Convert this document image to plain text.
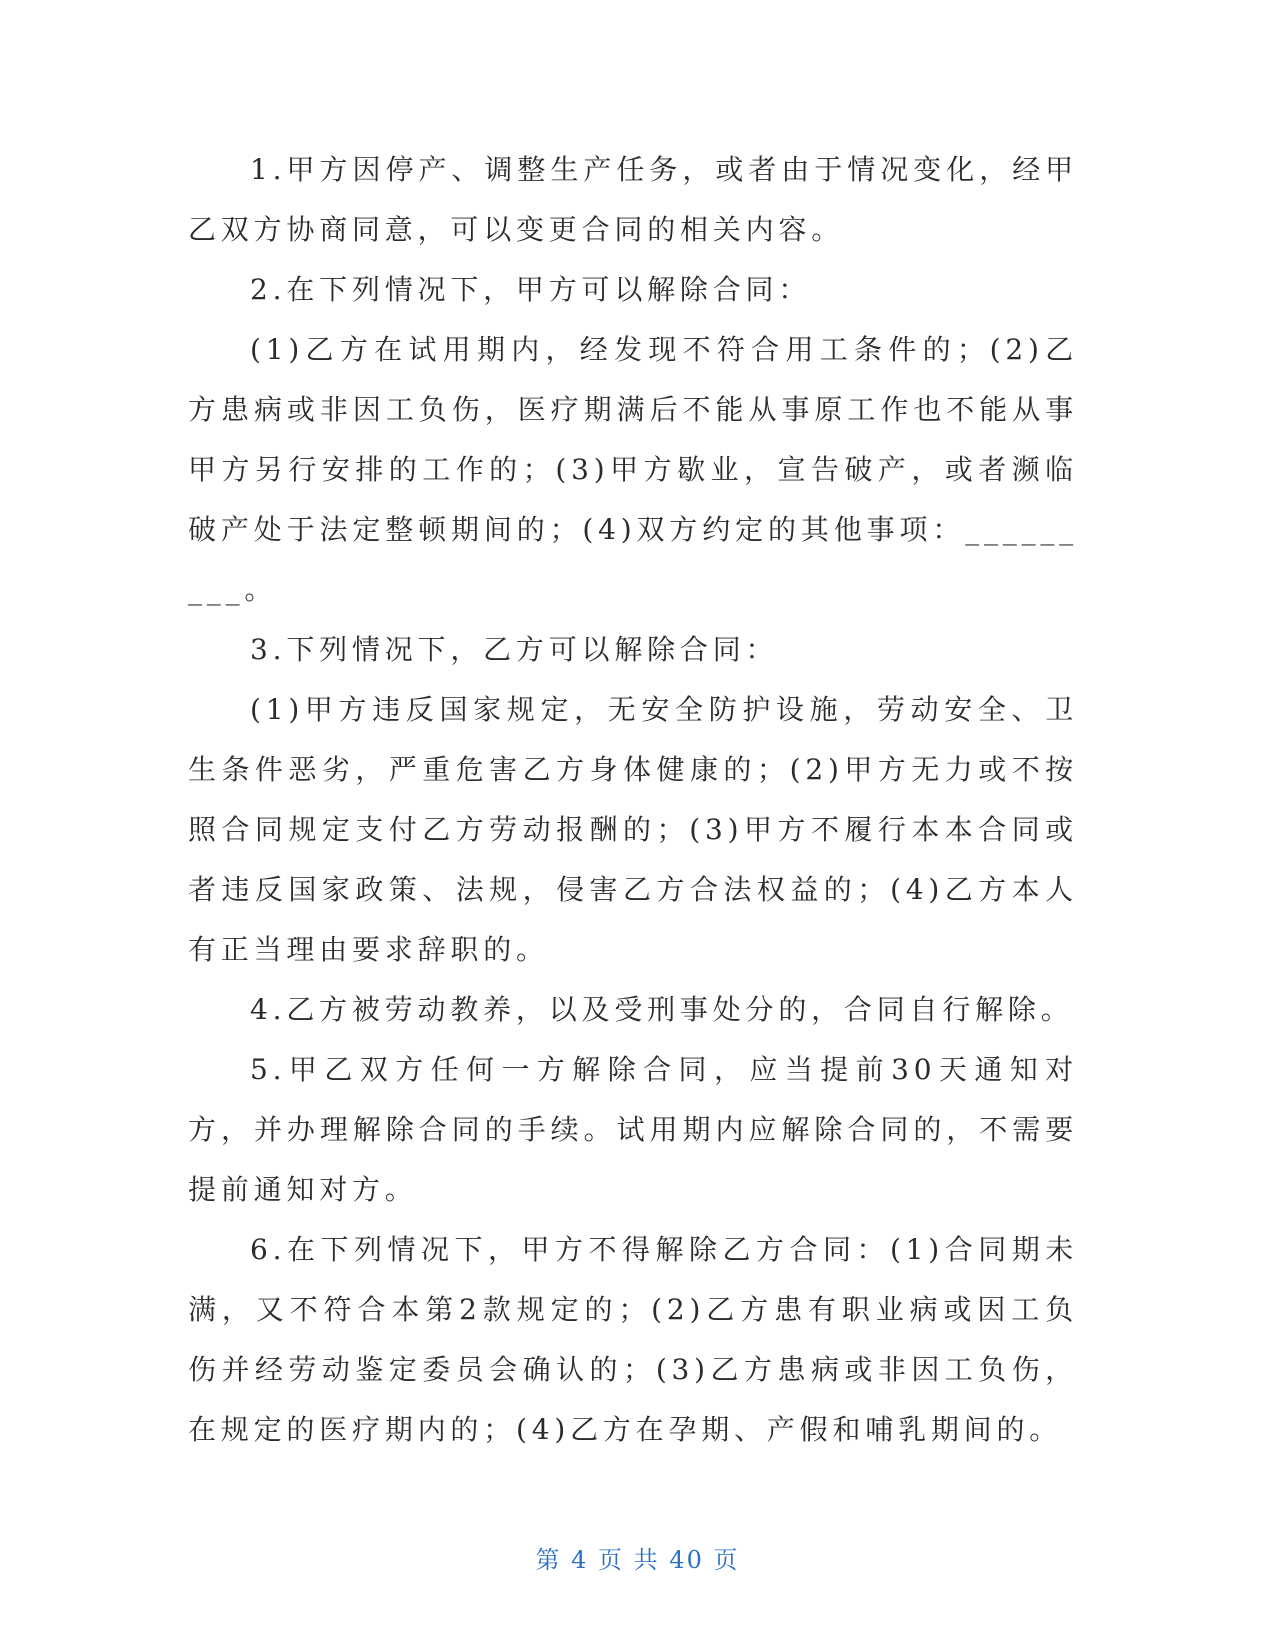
1.甲方因停产、调整生产任务，或者由于情况变化，经甲乙双方协商同意，可以变更合同的相关内容。

2.在下列情况下，甲方可以解除合同：

(1)乙方在试用期内，经发现不符合用工条件的；(2)乙方患病或非因工负伤，医疗期满后不能从事原工作也不能从事甲方另行安排的工作的；(3)甲方歇业，宣告破产，或者濒临破产处于法定整顿期间的；(4)双方约定的其他事项：_________。

3.下列情况下，乙方可以解除合同：

(1)甲方违反国家规定，无安全防护设施，劳动安全、卫生条件恶劣，严重危害乙方身体健康的；(2)甲方无力或不按照合同规定支付乙方劳动报酬的；(3)甲方不履行本本合同或者违反国家政策、法规，侵害乙方合法权益的；(4)乙方本人有正当理由要求辞职的。

4.乙方被劳动教养，以及受刑事处分的，合同自行解除。

5.甲乙双方任何一方解除合同，应当提前30天通知对方，并办理解除合同的手续。试用期内应解除合同的，不需要提前通知对方。

6.在下列情况下，甲方不得解除乙方合同：(1)合同期未满，又不符合本第2款规定的；(2)乙方患有职业病或因工负伤并经劳动鉴定委员会确认的；(3)乙方患病或非因工负伤，在规定的医疗期内的；(4)乙方在孕期、产假和哺乳期间的。

第 4 页 共 40 页
